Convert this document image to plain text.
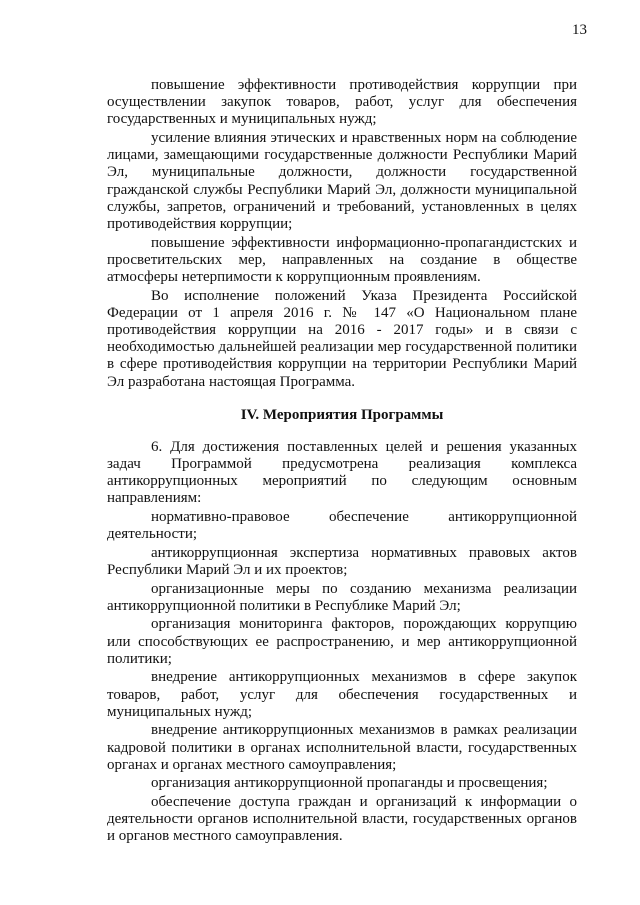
13

повышение эффективности противодействия коррупции при осуществлении закупок товаров, работ, услуг для обеспечения государственных и муниципальных нужд;

усиление влияния этических и нравственных норм на соблюдение лицами, замещающими государственные должности Республики Марий Эл, муниципальные должности, должности государственной гражданской службы Республики Марий Эл, должности муниципальной службы, запретов, ограничений и требований, установленных в целях противодействия коррупции;

повышение эффективности информационно-пропагандистских и просветительских мер, направленных на создание в обществе атмосферы нетерпимости к коррупционным проявлениям.

Во исполнение положений Указа Президента Российской Федерации от 1 апреля 2016 г. № 147 «О Национальном плане противодействия коррупции на 2016 - 2017 годы» и в связи с необходимостью дальнейшей реализации мер государственной политики в сфере противодействия коррупции на территории Республики Марий Эл разработана настоящая Программа.

IV. Мероприятия Программы

6. Для достижения поставленных целей и решения указанных задач Программой предусмотрена реализация комплекса антикоррупционных мероприятий по следующим основным направлениям:

нормативно-правовое обеспечение антикоррупционной деятельности;

антикоррупционная экспертиза нормативных правовых актов Республики Марий Эл и их проектов;

организационные меры по созданию механизма реализации антикоррупционной политики в Республике Марий Эл;

организация мониторинга факторов, порождающих коррупцию или способствующих ее распространению, и мер антикоррупционной политики;

внедрение антикоррупционных механизмов в сфере закупок товаров, работ, услуг для обеспечения государственных и муниципальных нужд;

внедрение антикоррупционных механизмов в рамках реализации кадровой политики в органах исполнительной власти, государственных органах и органах местного самоуправления;

организация антикоррупционной пропаганды и просвещения;

обеспечение доступа граждан и организаций к информации о деятельности органов исполнительной власти, государственных органов и органов местного самоуправления.
